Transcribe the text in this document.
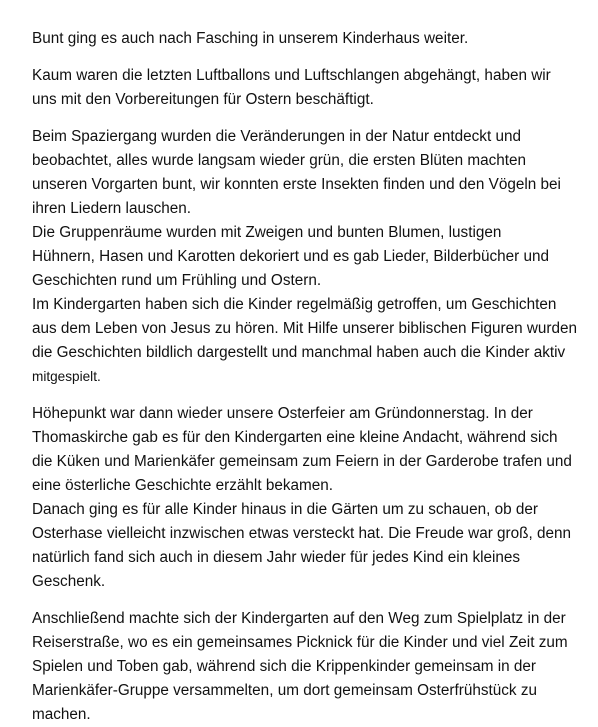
Bunt ging es auch nach Fasching in unserem Kinderhaus weiter.

Kaum waren die letzten Luftballons und Luftschlangen abgehängt, haben wir
uns mit den Vorbereitungen für Ostern beschäftigt.

Beim Spaziergang wurden die Veränderungen in der Natur entdeckt und
beobachtet, alles wurde langsam wieder grün, die ersten Blüten machten
unseren Vorgarten bunt, wir konnten erste Insekten finden und den Vögeln bei
ihren Liedern lauschen.

Die Gruppenräume wurden mit Zweigen und bunten Blumen, lustigen
Hühnern, Hasen und Karotten dekoriert und es gab Lieder, Bilderbücher und
Geschichten rund um Frühling und Ostern.

Im Kindergarten haben sich die Kinder regelmäßig getroffen, um Geschichten
aus dem Leben von Jesus zu hören. Mit Hilfe unserer biblischen Figuren wurden
die Geschichten bildlich dargestellt und manchmal haben auch die Kinder aktiv
mitgespielt.

Höhepunkt war dann wieder unsere Osterfeier am Gründonnerstag. In der
Thomaskirche gab es für den Kindergarten eine kleine Andacht, während sich
die Küken und Marienkäfer gemeinsam zum Feiern in der Garderobe trafen und
eine österliche Geschichte erzählt bekamen.

Danach ging es für alle Kinder hinaus in die Gärten um zu schauen, ob der
Osterhase vielleicht inzwischen etwas versteckt hat. Die Freude war groß, denn
natürlich fand sich auch in diesem Jahr wieder für jedes Kind ein kleines
Geschenk.

Anschließend machte sich der Kindergarten auf den Weg zum Spielplatz in der
Reiserstraße, wo es ein gemeinsames Picknick für die Kinder und viel Zeit zum
Spielen und Toben gab, während sich die Krippenkinder gemeinsam in der
Marienkäfer-Gruppe versammelten, um dort gemeinsam Osterfrühstück zu
machen.
